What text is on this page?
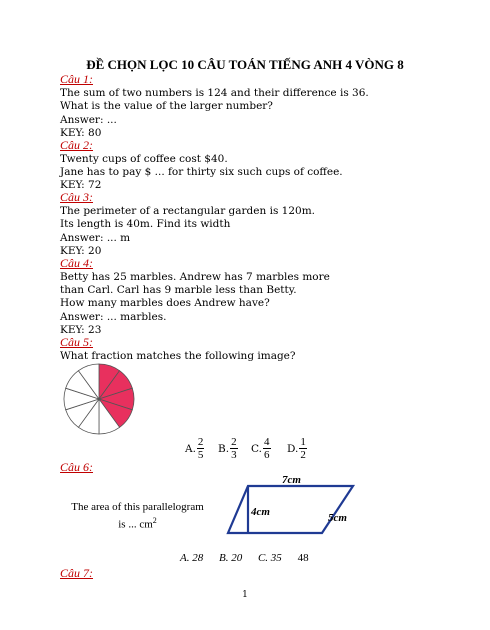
ĐỀ CHỌN LỌC 10 CÂU TOÁN TIẾNG ANH 4 VÒNG 8
Câu 1:
The sum of two numbers is 124 and their difference is 36.
What is the value of the larger number?
Answer: ...
KEY: 80
Câu 2:
Twenty cups of coffee cost $40.
Jane has to pay $ ... for thirty six such cups of coffee.
KEY: 72
Câu 3:
The perimeter of a rectangular garden is 120m.
Its length is 40m. Find its width
Answer: ... m
KEY: 20
Câu 4:
Betty has 25 marbles. Andrew has 7 marbles more
than Carl. Carl has 9 marble less than Betty.
How many marbles does Andrew have?
Answer: ... marbles.
KEY: 23
Câu 5:
What fraction matches the following image?
A. $\frac{2}{5} B$. $\frac{2}{3} C$. $\frac{4}{6} D$. $\frac{1}{2}$
Câu 6:
The area of this parallelogram
is ... $cm^2$
7cm
4cm	5cm
A. 28 B. 20 C. 35 48
Câu 7:
1
